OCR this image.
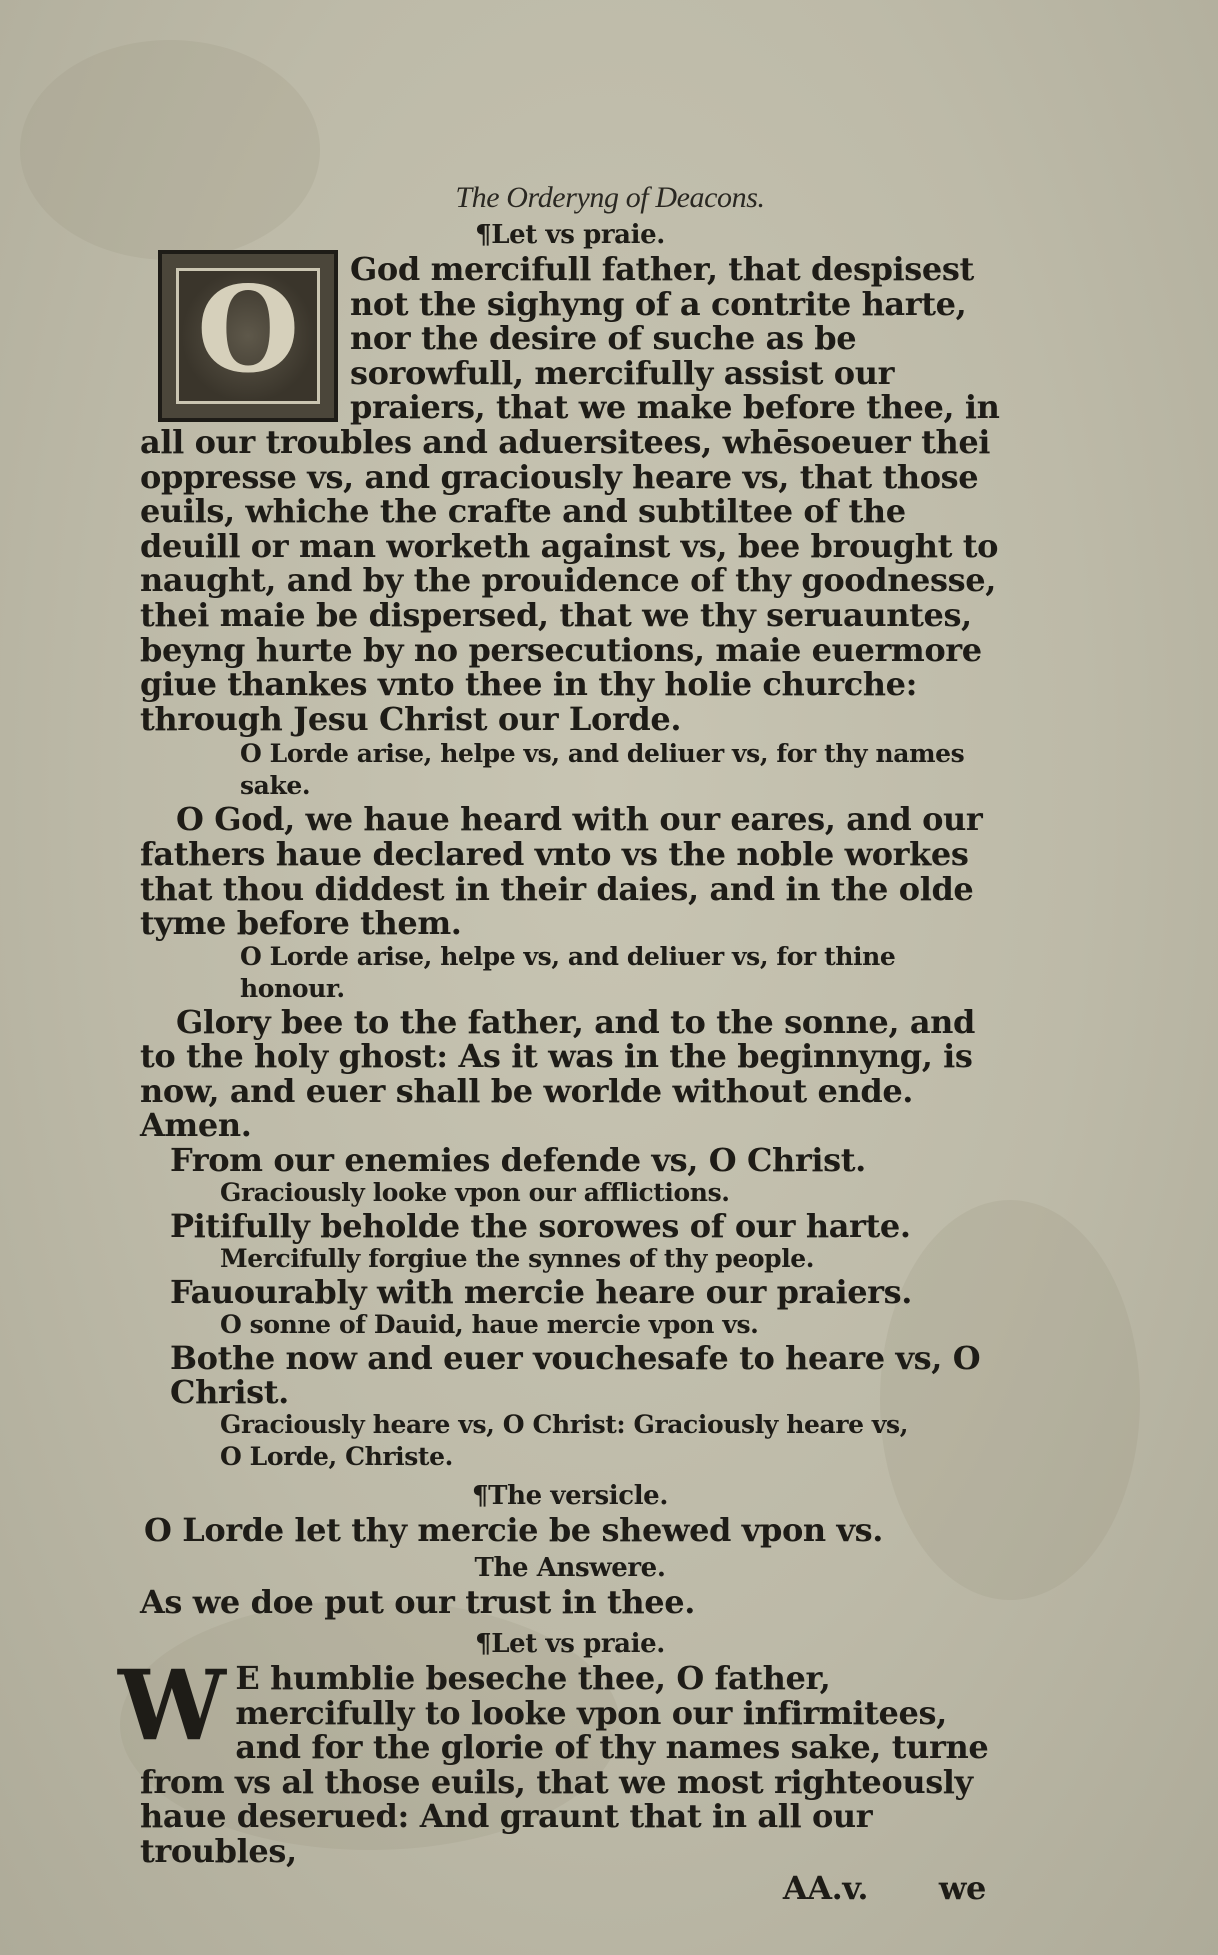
The Orderyng of Deacons.
¶Let vs praie.
O	God mercifull father, that despisest not the sighyng of a contrite harte, nor the desire of suche as be sorowfull, mercifully assist our praiers, that we make before thee, in all our troubles and aduersitees, whēsoeuer thei oppresse vs, and graciously heare vs, that those euils, whiche the crafte and subtiltee of the deuill or man worketh against vs, bee brought to naught, and by the prouidence of thy goodnesse, thei maie be dispersed, that we thy seruauntes, beyng hurte by no persecutions, maie euermore giue thankes vnto thee in thy holie churche: through Jesu Christ our Lorde.
O Lorde arise, helpe vs, and deliuer vs, for thy names sake.
O God, we haue heard with our eares, and our fathers haue declared vnto vs the noble workes that thou diddest in their daies, and in the olde tyme before them.
O Lorde arise, helpe vs, and deliuer vs, for thine honour.
Glory bee to the father, and to the sonne, and to the holy ghost: As it was in the beginnyng, is now, and euer shall be worlde without ende. Amen.
From our enemies defende vs, O Christ.
Graciously looke vpon our afflictions.
Pitifully beholde the sorowes of our harte.
Mercifully forgiue the synnes of thy people.
Fauourably with mercie heare our praiers.
O sonne of Dauid, haue mercie vpon vs.
Bothe now and euer vouchesafe to heare vs, O Christ.
Graciously heare vs, O Christ: Graciously heare vs, O Lorde, Christe.
¶The versicle.
O Lorde let thy mercie be shewed vpon vs.
The Answere.
As we doe put our trust in thee.
¶Let vs praie.
W E humblie beseche thee, O father, mercifully to looke vpon our infirmitees, and for the glorie of thy names sake, turne from vs al those euils, that we most righteously haue deserued: And graunt that in all our troubles,
AA.v. we
